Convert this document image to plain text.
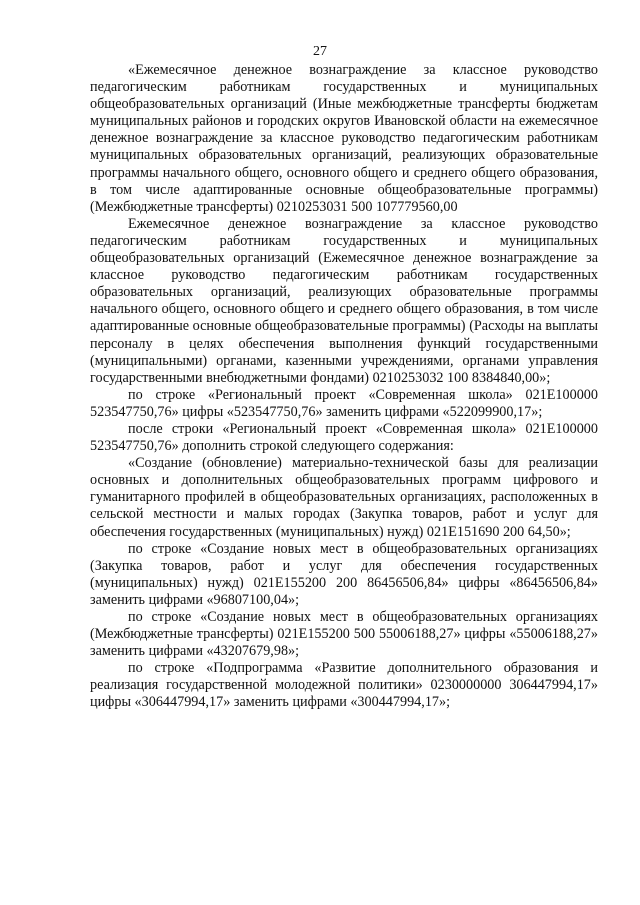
27

«Ежемесячное денежное вознаграждение за классное руководство педагогическим работникам государственных и муниципальных общеобразовательных организаций (Иные межбюджетные трансферты бюджетам муниципальных районов и городских округов Ивановской области на ежемесячное денежное вознаграждение за классное руководство педагогическим работникам муниципальных образовательных организаций, реализующих образовательные программы начального общего, основного общего и среднего общего образования, в том числе адаптированные основные общеобразовательные программы) (Межбюджетные трансферты) 0210253031 500 107779560,00

Ежемесячное денежное вознаграждение за классное руководство педагогическим работникам государственных и муниципальных общеобразовательных организаций (Ежемесячное денежное вознаграждение за классное руководство педагогическим работникам государственных образовательных организаций, реализующих образовательные программы начального общего, основного общего и среднего общего образования, в том числе адаптированные основные общеобразовательные программы) (Расходы на выплаты персоналу в целях обеспечения выполнения функций государственными (муниципальными) органами, казенными учреждениями, органами управления государственными внебюджетными фондами) 0210253032 100 8384840,00»;

по строке «Региональный проект «Современная школа» 021E100000 523547750,76» цифры «523547750,76» заменить цифрами «522099900,17»;

после строки «Региональный проект «Современная школа» 021E100000 523547750,76» дополнить строкой следующего содержания:

«Создание (обновление) материально-технической базы для реализации основных и дополнительных общеобразовательных программ цифрового и гуманитарного профилей в общеобразовательных организациях, расположенных в сельской местности и малых городах (Закупка товаров, работ и услуг для обеспечения государственных (муниципальных) нужд) 021E151690 200 64,50»;

по строке «Создание новых мест в общеобразовательных организациях (Закупка товаров, работ и услуг для обеспечения государственных (муниципальных) нужд) 021E155200 200 86456506,84» цифры «86456506,84» заменить цифрами «96807100,04»;

по строке «Создание новых мест в общеобразовательных организациях (Межбюджетные трансферты) 021E155200 500 55006188,27» цифры «55006188,27» заменить цифрами «43207679,98»;

по строке «Подпрограмма «Развитие дополнительного образования и реализация государственной молодежной политики» 0230000000 306447994,17» цифры «306447994,17» заменить цифрами «300447994,17»;
